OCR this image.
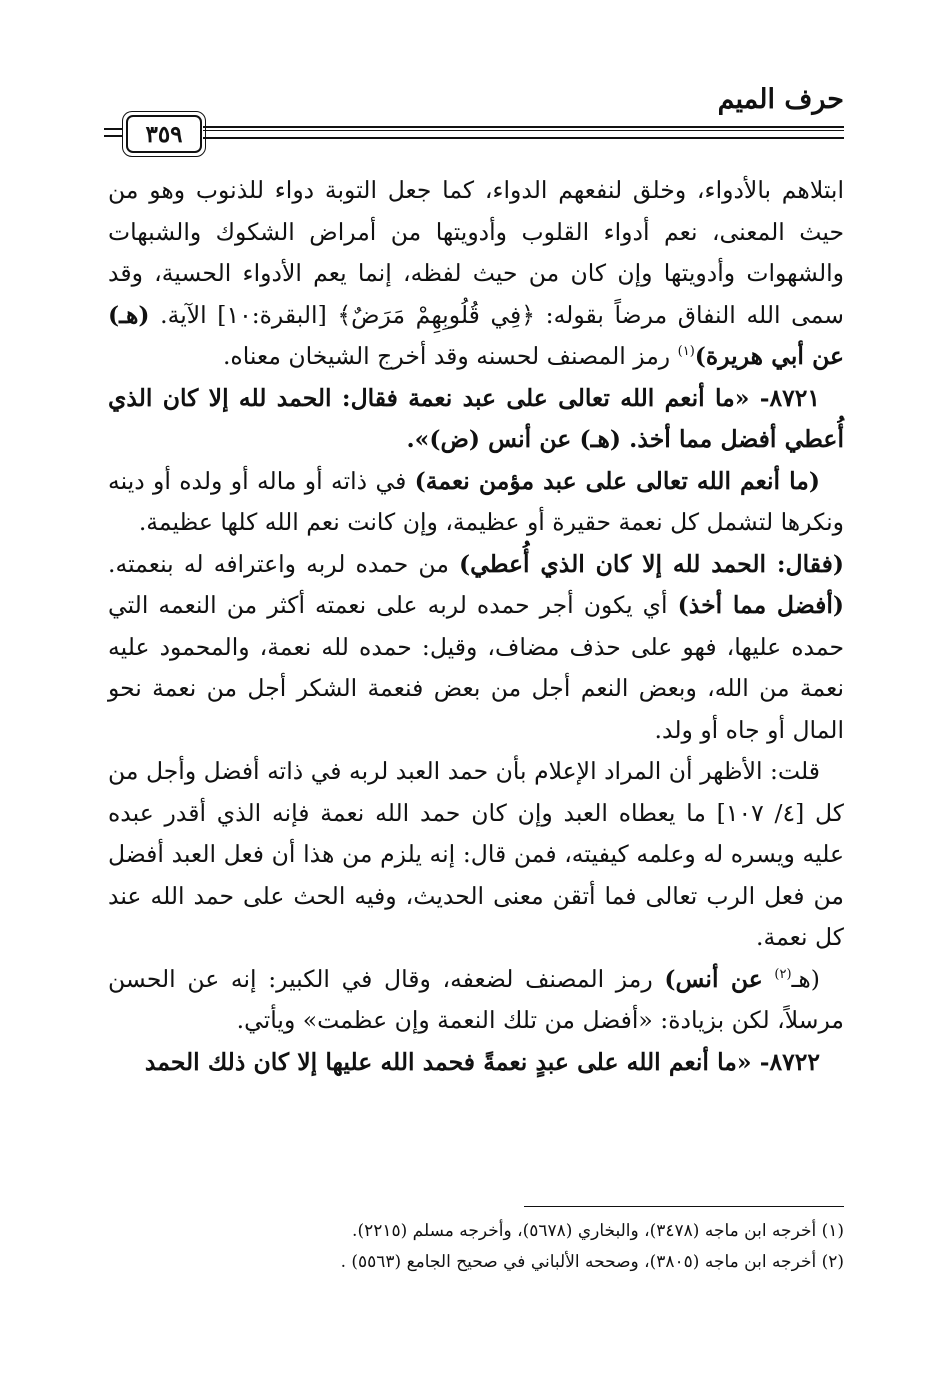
حرف الميم
٣٥٩

ابتلاهم بالأدواء، وخلق لنفعهم الدواء، كما جعل التوبة دواء للذنوب وهو من حيث المعنى، نعم أدواء القلوب وأدويتها من أمراض الشكوك والشبهات والشهوات وأدويتها وإن كان من حيث لفظه، إنما يعم الأدواء الحسية، وقد سمى الله النفاق مرضاً بقوله: ﴿فِي قُلُوبِهِمْ مَرَضٌ﴾ [البقرة:١٠] الآية. (هـ) عن أبي هريرة)$^{(١)}$ رمز المصنف لحسنه وقد أخرج الشيخان معناه.

٨٧٢١- «ما أنعم الله تعالى على عبد نعمة فقال: الحمد لله إلا كان الذي أُعطي أفضل مما أخذ. (هـ) عن أنس (ض)».

(ما أنعم الله تعالى على عبد مؤمن نعمة) في ذاته أو ماله أو ولده أو دينه ونكرها لتشمل كل نعمة حقيرة أو عظيمة، وإن كانت نعم الله كلها عظيمة.

(فقال: الحمد لله إلا كان الذي أُعطي) من حمده لربه واعترافه له بنعمته. (أفضل مما أخذ) أي يكون أجر حمده لربه على نعمته أكثر من النعمه التي حمده عليها، فهو على حذف مضاف، وقيل: حمده لله نعمة، والمحمود عليه نعمة من الله، وبعض النعم أجل من بعض فنعمة الشكر أجل من نعمة نحو المال أو جاه أو ولد.

قلت: الأظهر أن المراد الإعلام بأن حمد العبد لربه في ذاته أفضل وأجل من كل [٤/ ١٠٧] ما يعطاه العبد وإن كان حمد الله نعمة فإنه الذي أقدر عبده عليه ويسره له وعلمه كيفيته، فمن قال: إنه يلزم من هذا أن فعل العبد أفضل من فعل الرب تعالى فما أتقن معنى الحديث، وفيه الحث على حمد الله عند كل نعمة.

(هـ$^{(٢)}$ عن أنس) رمز المصنف لضعفه، وقال في الكبير: إنه عن الحسن مرسلاً، لكن بزيادة: «أفضل من تلك النعمة وإن عظمت» ويأتي.

٨٧٢٢- «ما أنعم الله على عبدٍ نعمةً فحمد الله عليها إلا كان ذلك الحمد

(١) أخرجه ابن ماجه (٣٤٧٨)، والبخاري (٥٦٧٨)، وأخرجه مسلم (٢٢١٥).

(٢) أخرجه ابن ماجه (٣٨٠٥)، وصححه الألباني في صحيح الجامع (٥٥٦٣) .
